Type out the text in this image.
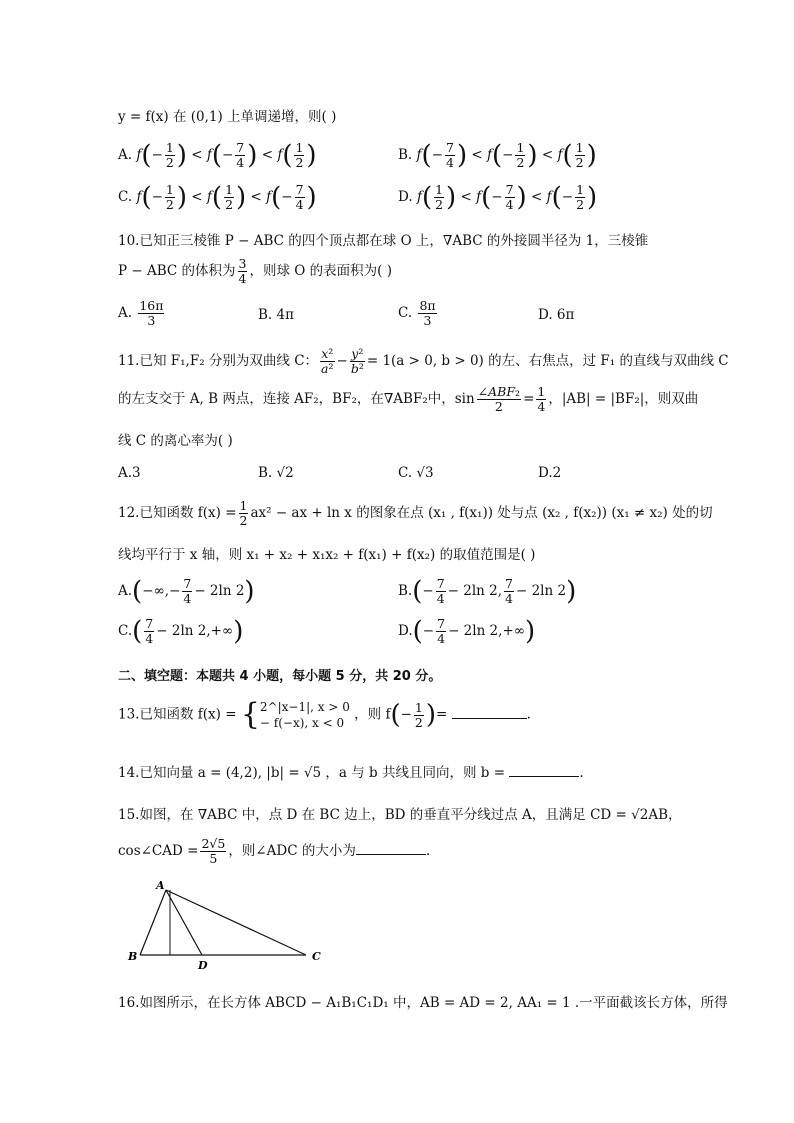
y = f(x) 在 (0,1) 上单调递增，则( )
A. $f(- \frac{1}{2}$ ) < $f(- \frac{7}{4}$ ) < $f( \frac{1}{2}$ )	B. $f(- \frac{7}{4}$ ) < $f(- \frac{1}{2}$ ) < $f( \frac{1}{2}$ )
C. $f(- \frac{1}{2}$ ) < $f( \frac{1}{2}$ ) < $f(- \frac{7}{4}$ )	D. $f( \frac{1}{2}$ ) < $f(- \frac{7}{4}$ ) < $f(- \frac{1}{2}$ )
10.已知正三棱锥 P − ABC 的四个顶点都在球 O 上，∇ABC 的外接圆半径为 1，三棱锥
P − ABC 的体积为 $\frac{3}{4}$ ，则球 O 的表面积为( )
A. $\frac{16\pi}{3}$	B. 4π	C. $\frac{8\pi}{3}$	D. 6π
11.已知 F₁,F₂ 分别为双曲线 C： $\frac{\text{x²}}{\text{a²}} - \frac{\text{y²}}{\text{b²}} = 1(a > 0$, b > 0) 的左、右焦点，过 F₁ 的直线与双曲线 C
的左支交于 A, B 两点，连接 AF₂，BF₂，在∇ABF₂中，$\sin \frac{\text{∠ABF₂}}{2} = \frac{1}{4}$ ，|AB| = |BF₂|，则双曲
线 C 的离心率为( )
A.3	B. √2	C. √3	D.2
12.已知函数 $f(x) = \frac{1}{2} ax^2$ − ax + ln x 的图象在点 (x₁ , f(x₁)) 处与点 (x₂ , f(x₂)) (x₁ ≠ x₂) 处的切
线均平行于 x 轴，则 x₁ + x₂ + x₁x₂ + f(x₁) + f(x₂) 的取值范围是( )
$A.(-\infty,- \frac{7}{4} - 2\ln$ 2)	$B.(- \frac{7}{4} - 2\ln$ 2, $\frac{7}{4} - 2\ln$ 2)
$C.( \frac{7}{4} - 2\ln$ 2,+∞)	$D.(- \frac{7}{4} - 2\ln$ 2,+∞)
二、填空题：本题共 4 小题，每小题 5 分，共 20 分。
13.已知函数 f(x) = { 2^|x−1|, x > 0
− f(−x), x < 0
，则 $f(- \frac{1}{2}$ )=	.
14.已知向量 a = (4,2), |b| = √5 ，a 与 b 共线且同向，则 b =	.
15.如图，在 ∇ABC 中，点 D 在 BC 边上，BD 的垂直平分线过点 A，且满足 CD = √2AB，
cos∠CAD = $\frac{2√5}{5}$ ，则∠ADC 的大小为	.
A
B	C
D
16.如图所示，在长方体 ABCD − A₁B₁C₁D₁ 中，AB = AD = 2, AA₁ = 1 .一平面截该长方体，所得
